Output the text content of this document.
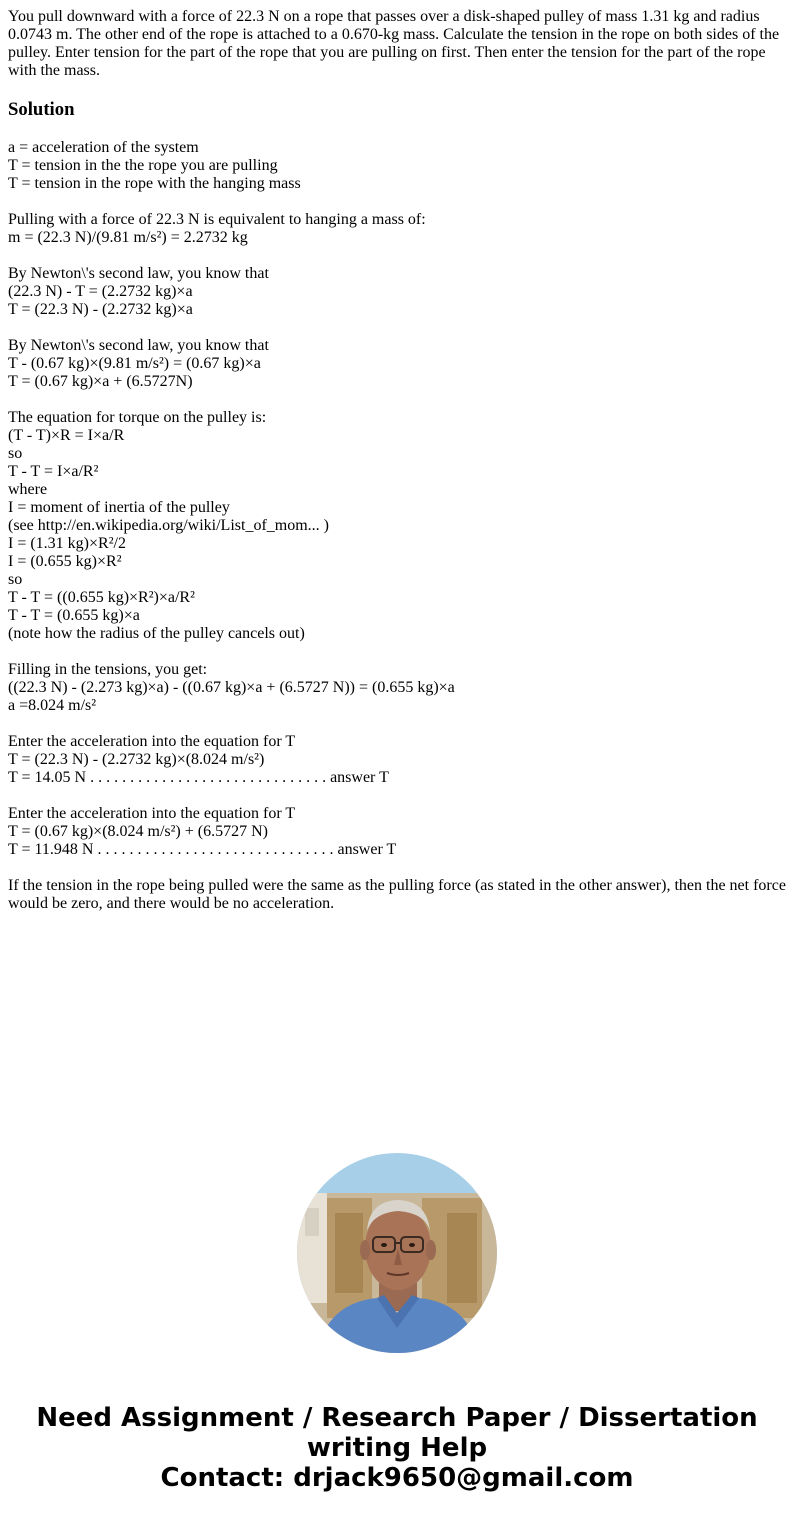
You pull downward with a force of 22.3 N on a rope that passes over a disk-shaped pulley of mass 1.31 kg and radius 0.0743 m. The other end of the rope is attached to a 0.670-kg mass. Calculate the tension in the rope on both sides of the pulley. Enter tension for the part of the rope that you are pulling on first. Then enter the tension for the part of the rope with the mass.
Solution
a = acceleration of the system
T = tension in the the rope you are pulling
T = tension in the rope with the hanging mass
Pulling with a force of 22.3 N is equivalent to hanging a mass of:
m = (22.3 N)/(9.81 m/s²) = 2.2732 kg
By Newton\'s second law, you know that
(22.3 N) - T = (2.2732 kg)×a
T = (22.3 N) - (2.2732 kg)×a
By Newton\'s second law, you know that
T - (0.67 kg)×(9.81 m/s²) = (0.67 kg)×a
T = (0.67 kg)×a + (6.5727N)
The equation for torque on the pulley is:
(T - T)×R = I×a/R
so
T - T = I×a/R²
where
I = moment of inertia of the pulley
(see http://en.wikipedia.org/wiki/List_of_mom... )
I = (1.31 kg)×R²/2
I = (0.655 kg)×R²
so
T - T = ((0.655 kg)×R²)×a/R²
T - T = (0.655 kg)×a
(note how the radius of the pulley cancels out)
Filling in the tensions, you get:
((22.3 N) - (2.273 kg)×a) - ((0.67 kg)×a + (6.5727 N)) = (0.655 kg)×a
a =8.024 m/s²
Enter the acceleration into the equation for T
T = (22.3 N) - (2.2732 kg)×(8.024 m/s²)
T = 14.05 N . . . . . . . . . . . . . . . . . . . . . . . . . . . . . . answer T
Enter the acceleration into the equation for T
T = (0.67 kg)×(8.024 m/s²) + (6.5727 N)
T = 11.948 N . . . . . . . . . . . . . . . . . . . . . . . . . . . . . . answer T
If the tension in the rope being pulled were the same as the pulling force (as stated in the other answer), then the net force would be zero, and there would be no acceleration.
Need Assignment / Research Paper / Dissertation
writing Help
Contact: drjack9650@gmail.com
